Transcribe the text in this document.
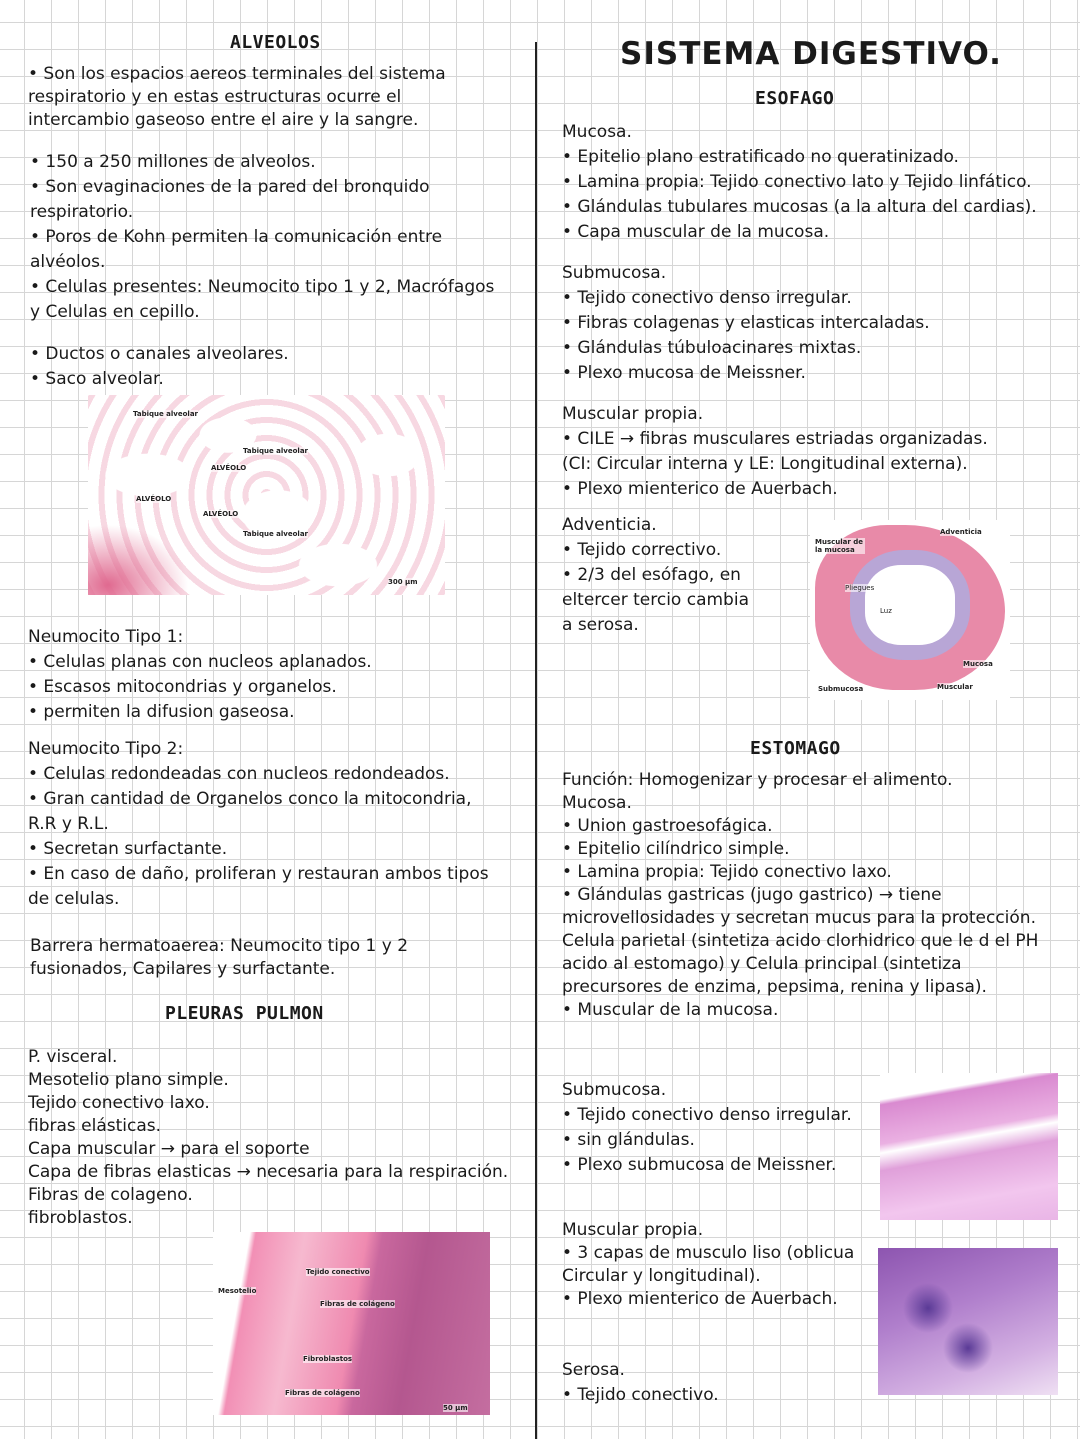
ALVEOLOS
• Son los espacios aereos terminales del sistema
respiratorio y en estas estructuras ocurre el
intercambio gaseoso entre el aire y la sangre.
• 150 a 250 millones de alveolos.
• Son evaginaciones de la pared del bronquido
respiratorio.
• Poros de Kohn permiten la comunicación entre
alvéolos.
• Celulas presentes: Neumocito tipo 1 y 2, Macrófagos
y Celulas en cepillo.
• Ductos o canales alveolares.
• Saco alveolar.
Tabique alveolar
Tabique alveolar
Tabique alveolar
ALVÉOLO
ALVÉOLO
ALVÉOLO
300 µm
Neumocito Tipo 1:
• Celulas planas con nucleos aplanados.
• Escasos mitocondrias y organelos.
• permiten la difusion gaseosa.
Neumocito Tipo 2:
• Celulas redondeadas con nucleos redondeados.
• Gran cantidad de Organelos conco la mitocondria,
R.R y R.L.
• Secretan surfactante.
• En caso de daño, proliferan y restauran ambos tipos
de celulas.
Barrera hermatoaerea: Neumocito tipo 1 y 2
fusionados, Capilares y surfactante.
PLEURAS PULMON
P. visceral.
Mesotelio plano simple.
Tejido conectivo laxo.
fibras elásticas.
Capa muscular → para el soporte
Capa de fibras elasticas → necesaria para la respiración.
Fibras de colageno.
fibroblastos.
Mesotelio
Tejido conectivo
Fibras de colágeno
Fibroblastos
Fibras de colágeno
50 µm
SISTEMA DIGESTIVO.
ESOFAGO
Mucosa.
• Epitelio plano estratificado no queratinizado.
• Lamina propia: Tejido conectivo lato y Tejido linfático.
• Glándulas tubulares mucosas (a la altura del cardias).
• Capa muscular de la mucosa.
Submucosa.
• Tejido conectivo denso irregular.
• Fibras colagenas y elasticas intercaladas.
• Glándulas túbuloacinares mixtas.
• Plexo mucosa de Meissner.
Muscular propia.
• CILE → fibras musculares estriadas organizadas.
(CI: Circular interna y LE: Longitudinal externa).
• Plexo mienterico de Auerbach.
Adventicia.
• Tejido correctivo.
• 2/3 del esófago, en
eltercer tercio cambia
a serosa.
Adventicia
Muscular de la mucosa
Pliegues
Luz
Mucosa
Submucosa	Muscular
ESTOMAGO
Función: Homogenizar y procesar el alimento.
Mucosa.
• Union gastroesofágica.
• Epitelio cilíndrico simple.
• Lamina propia: Tejido conectivo laxo.
• Glándulas gastricas (jugo gastrico) → tiene
microvellosidades y secretan mucus para la protección.
Celula parietal (sintetiza acido clorhidrico que le d el PH
acido al estomago) y Celula principal (sintetiza
precursores de enzima, pepsima, renina y lipasa).
• Muscular de la mucosa.
Submucosa.
• Tejido conectivo denso irregular.
• sin glándulas.
• Plexo submucosa de Meissner.
Muscular propia.
• 3 capas de musculo liso (oblicua
Circular y longitudinal).
• Plexo mienterico de Auerbach.
Serosa.
• Tejido conectivo.
